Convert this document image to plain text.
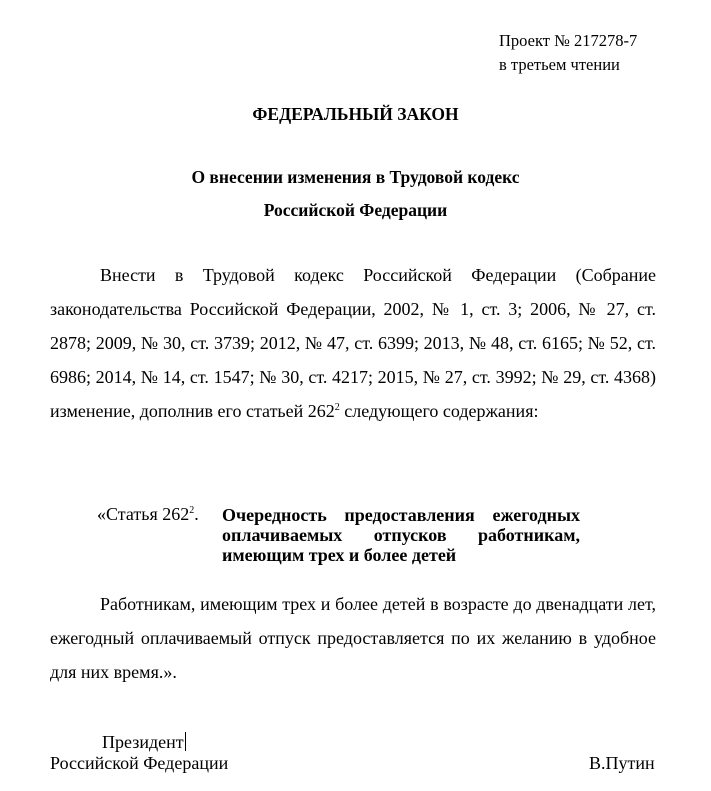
Проект № 217278-7
в третьем чтении
ФЕДЕРАЛЬНЫЙ ЗАКОН
О внесении изменения в Трудовой кодекс
Российской Федерации
Внести в Трудовой кодекс Российской Федерации (Собрание законодательства Российской Федерации, 2002, № 1, ст. 3; 2006, № 27, ст. 2878; 2009, № 30, ст. 3739; 2012, № 47, ст. 6399; 2013, № 48, ст. 6165; № 52, ст. 6986; 2014, № 14, ст. 1547; № 30, ст. 4217; 2015, № 27, ст. 3992; № 29, ст. 4368) изменение, дополнив его статьей $262^2$ следующего содержания:
«Статья $262^2$. Очередность предоставления ежегодных оплачиваемых отпусков работникам, имеющим трех и более детей
Работникам, имеющим трех и более детей в возрасте до двенадцати лет, ежегодный оплачиваемый отпуск предоставляется по их желанию в удобное для них время.».
Президент
Российской Федерации	В.Путин
